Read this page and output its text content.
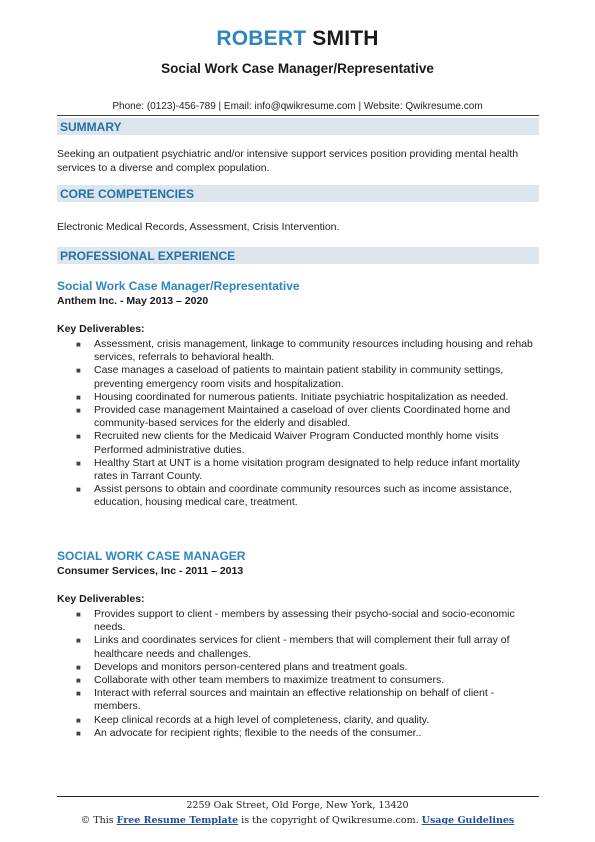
ROBERT SMITH
Social Work Case Manager/Representative
Phone: (0123)-456-789 | Email: info@qwikresume.com | Website: Qwikresume.com
SUMMARY
Seeking an outpatient psychiatric and/or intensive support services position providing mental health services to a diverse and complex population.
CORE COMPETENCIES
Electronic Medical Records, Assessment, Crisis Intervention.
PROFESSIONAL EXPERIENCE
Social Work Case Manager/Representative
Anthem Inc. - May 2013 – 2020
Key Deliverables:
■ Assessment, crisis management, linkage to community resources including housing and rehab services, referrals to behavioral health.
■ Case manages a caseload of patients to maintain patient stability in community settings, preventing emergency room visits and hospitalization.
■ Housing coordinated for numerous patients. Initiate psychiatric hospitalization as needed.
■ Provided case management Maintained a caseload of over clients Coordinated home and community-based services for the elderly and disabled.
■ Recruited new clients for the Medicaid Waiver Program Conducted monthly home visits Performed administrative duties.
■ Healthy Start at UNT is a home visitation program designated to help reduce infant mortality rates in Tarrant County.
■ Assist persons to obtain and coordinate community resources such as income assistance, education, housing medical care, treatment.
SOCIAL WORK CASE MANAGER
Consumer Services, Inc - 2011 – 2013
Key Deliverables:
■ Provides support to client - members by assessing their psycho-social and socio-economic needs.
■ Links and coordinates services for client - members that will complement their full array of healthcare needs and challenges.
■ Develops and monitors person-centered plans and treatment goals.
■ Collaborate with other team members to maximize treatment to consumers.
■ Interact with referral sources and maintain an effective relationship on behalf of client - members.
■ Keep clinical records at a high level of completeness, clarity, and quality.
■ An advocate for recipient rights; flexible to the needs of the consumer..
2259 Oak Street, Old Forge, New York, 13420
© This Free Resume Template is the copyright of Qwikresume.com. Usage Guidelines
